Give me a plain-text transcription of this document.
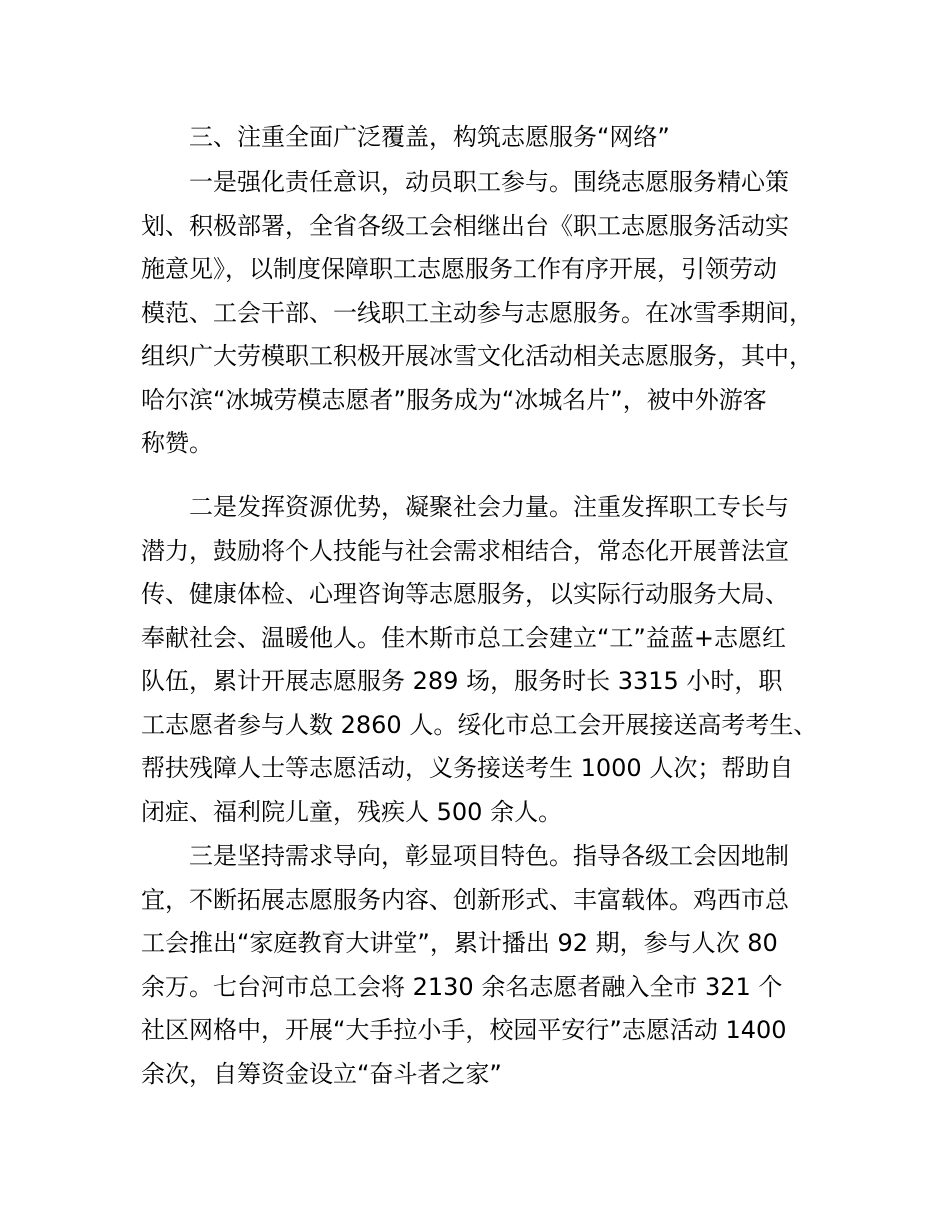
三、注重全面广泛覆盖，构筑志愿服务“网络”
一是强化责任意识，动员职工参与。围绕志愿服务精心策
划、积极部署，全省各级工会相继出台《职工志愿服务活动实
施意见》，以制度保障职工志愿服务工作有序开展，引领劳动
模范、工会干部、一线职工主动参与志愿服务。在冰雪季期间，
组织广大劳模职工积极开展冰雪文化活动相关志愿服务，其中，
哈尔滨“冰城劳模志愿者”服务成为“冰城名片”，被中外游客
称赞。
二是发挥资源优势，凝聚社会力量。注重发挥职工专长与
潜力，鼓励将个人技能与社会需求相结合，常态化开展普法宣
传、健康体检、心理咨询等志愿服务，以实际行动服务大局、
奉献社会、温暖他人。佳木斯市总工会建立“工”益蓝+志愿红
队伍，累计开展志愿服务 289 场，服务时长 3315 小时，职
工志愿者参与人数 2860 人。绥化市总工会开展接送高考考生、
帮扶残障人士等志愿活动，义务接送考生 1000 人次；帮助自
闭症、福利院儿童，残疾人 500 余人。
三是坚持需求导向，彰显项目特色。指导各级工会因地制
宜，不断拓展志愿服务内容、创新形式、丰富载体。鸡西市总
工会推出“家庭教育大讲堂”，累计播出 92 期，参与人次 80
余万。七台河市总工会将 2130 余名志愿者融入全市 321 个
社区网格中，开展“大手拉小手，校园平安行”志愿活动 1400
余次，自筹资金设立“奋斗者之家”
